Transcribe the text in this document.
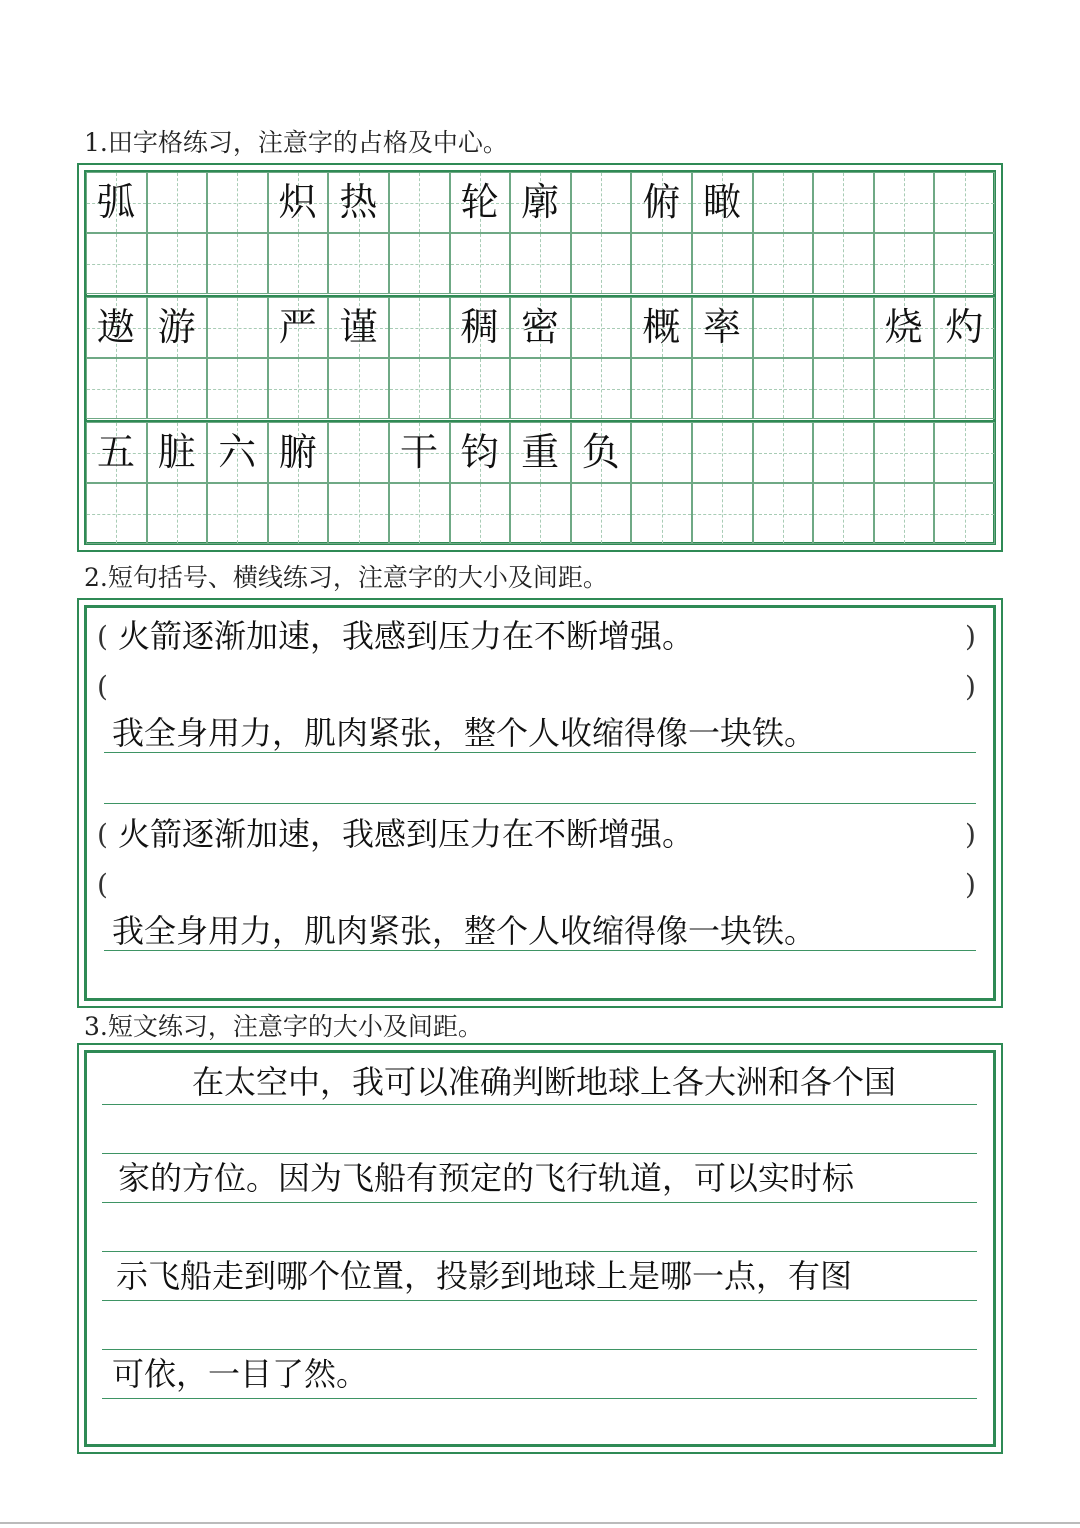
1.田字格练习，注意字的占格及中心。
弧	炽 热 轮 廓 俯 瞰
遨 游 严 谨 稠 密 概 率	烧 灼
五 脏 六 腑 干 钧 重 负
2.短句括号、横线练习，注意字的大小及间距。
(	)
火箭逐渐加速，我感到压力在不断增强。
(	)
我全身用力，肌肉紧张，整个人收缩得像一块铁。
(	)
火箭逐渐加速，我感到压力在不断增强。
(	)
我全身用力，肌肉紧张，整个人收缩得像一块铁。
3.短文练习，注意字的大小及间距。
在太空中，我可以准确判断地球上各大洲和各个国
家的方位。因为飞船有预定的飞行轨道，可以实时标
示飞船走到哪个位置，投影到地球上是哪一点，有图
可依，一目了然。
